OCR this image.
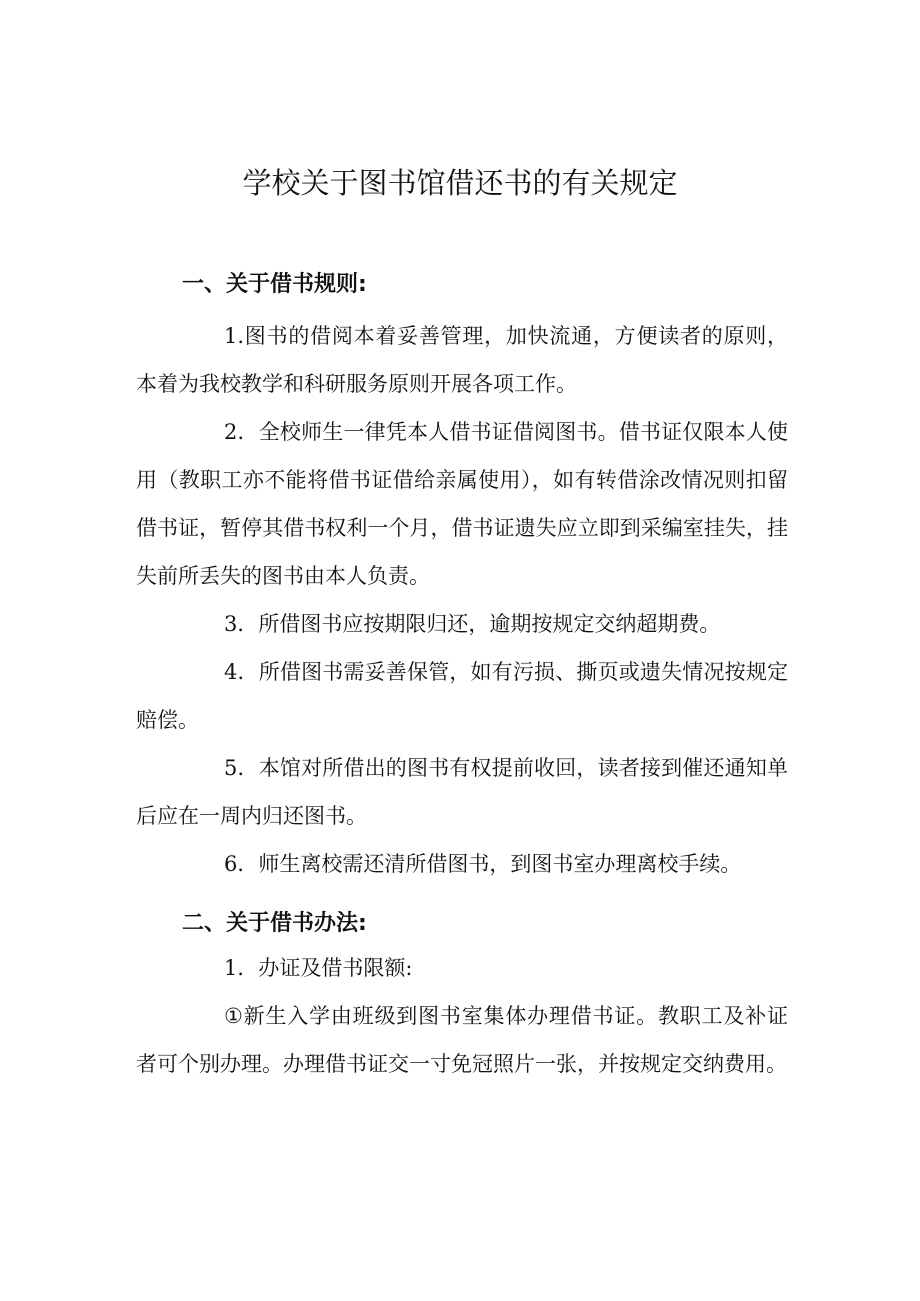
学校关于图书馆借还书的有关规定
一、关于借书规则:

1.图书的借阅本着妥善管理，加快流通，方便读者的原则，本着为我校教学和科研服务原则开展各项工作。

2．全校师生一律凭本人借书证借阅图书。借书证仅限本人使用（教职工亦不能将借书证借给亲属使用），如有转借涂改情况则扣留借书证，暂停其借书权利一个月，借书证遗失应立即到采编室挂失，挂失前所丢失的图书由本人负责。

3．所借图书应按期限归还，逾期按规定交纳超期费。

4．所借图书需妥善保管，如有污损、撕页或遗失情况按规定赔偿。

5．本馆对所借出的图书有权提前收回，读者接到催还通知单后应在一周内归还图书。

6．师生离校需还清所借图书，到图书室办理离校手续。

二、关于借书办法:

1．办证及借书限额:

①新生入学由班级到图书室集体办理借书证。教职工及补证者可个别办理。办理借书证交一寸免冠照片一张，并按规定交纳费用。
